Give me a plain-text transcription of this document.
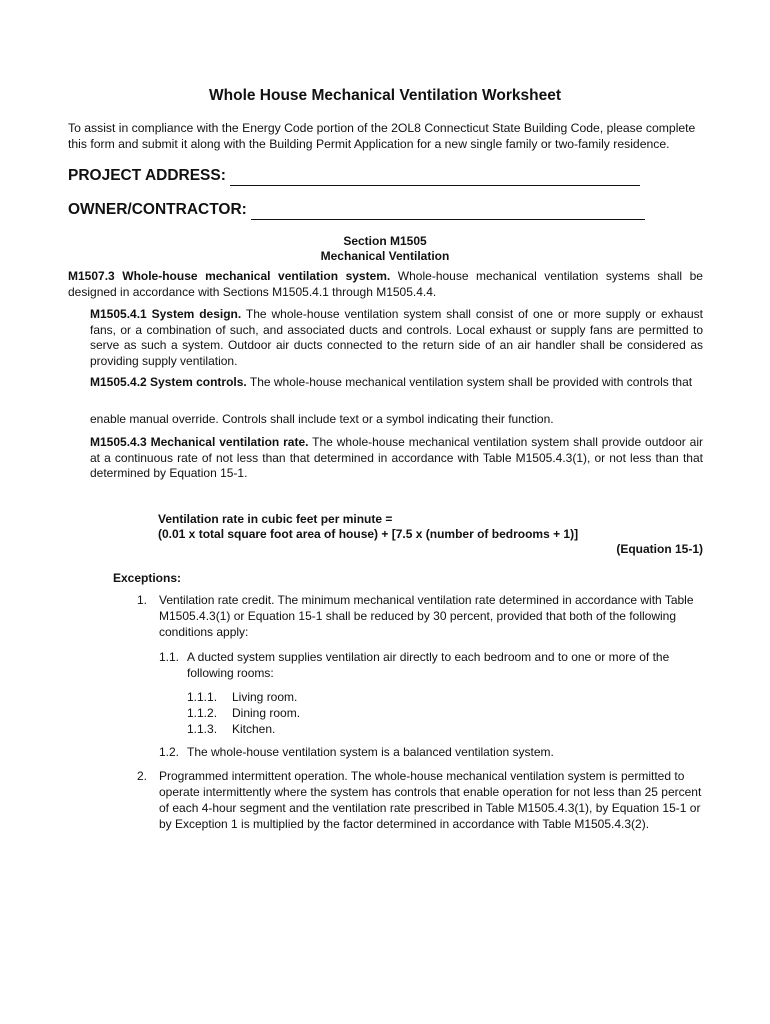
Whole House Mechanical Ventilation Worksheet
To assist in compliance with the Energy Code portion of the 2OL8 Connecticut State Building Code, please complete this form and submit it along with the Building Permit Application for a new single family or two-family residence.
PROJECT ADDRESS:
OWNER/CONTRACTOR:
Section M1505
Mechanical Ventilation
M1507.3 Whole-house mechanical ventilation system. Whole-house mechanical ventilation systems shall be designed in accordance with Sections M1505.4.1 through M1505.4.4.
M1505.4.1 System design. The whole-house ventilation system shall consist of one or more supply or exhaust fans, or a combination of such, and associated ducts and controls. Local exhaust or supply fans are permitted to serve as such a system. Outdoor air ducts connected to the return side of an air handler shall be considered as providing supply ventilation.
M1505.4.2 System controls. The whole-house mechanical ventilation system shall be provided with controls that
enable manual override. Controls shall include text or a symbol indicating their function.
M1505.4.3 Mechanical ventilation rate. The whole-house mechanical ventilation system shall provide outdoor air at a continuous rate of not less than that determined in accordance with Table M1505.4.3(1), or not less than that determined by Equation 15-1.
Ventilation rate in cubic feet per minute =
(0.01 x total square foot area of house) + [7.5 x (number of bedrooms + 1)]
(Equation 15-1)
Exceptions:
1. Ventilation rate credit. The minimum mechanical ventilation rate determined in accordance with Table M1505.4.3(1) or Equation 15-1 shall be reduced by 30 percent, provided that both of the following conditions apply:
1.1. A ducted system supplies ventilation air directly to each bedroom and to one or more of the following rooms:
1.1.1. Living room.
1.1.2. Dining room.
1.1.3. Kitchen.
1.2. The whole-house ventilation system is a balanced ventilation system.
2. Programmed intermittent operation. The whole-house mechanical ventilation system is permitted to operate intermittently where the system has controls that enable operation for not less than 25 percent of each 4-hour segment and the ventilation rate prescribed in Table M1505.4.3(1), by Equation 15-1 or by Exception 1 is multiplied by the factor determined in accordance with Table M1505.4.3(2).
